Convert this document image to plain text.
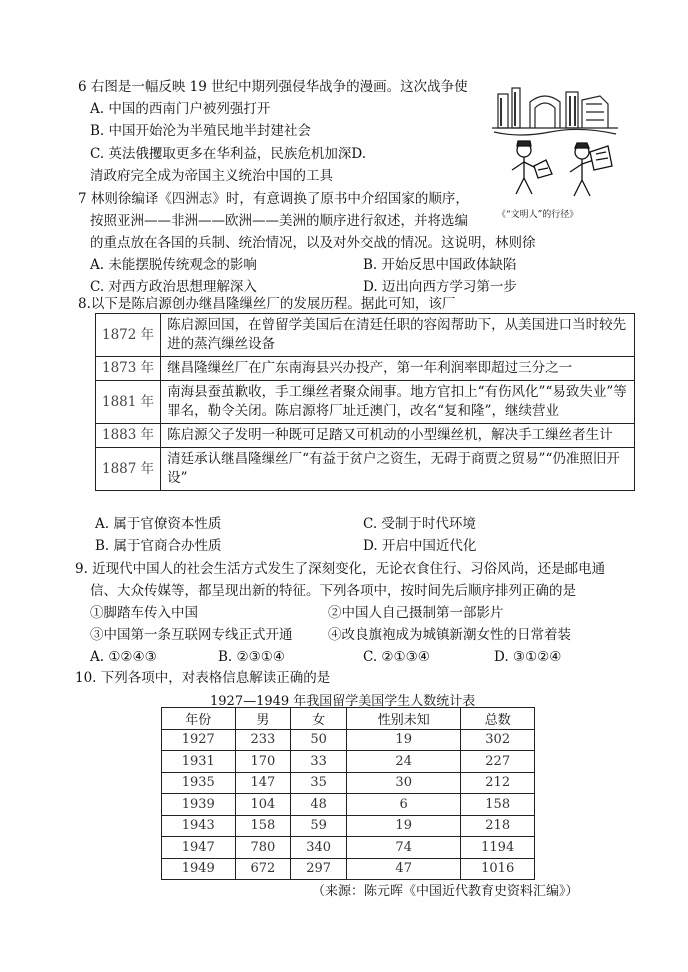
6 右图是一幅反映 19 世纪中期列强侵华战争的漫画。这次战争使
A. 中国的西南门户被列强打开
B. 中国开始沦为半殖民地半封建社会
C. 英法俄攫取更多在华利益，民族危机加深D.
清政府完全成为帝国主义统治中国的工具
《“文明人”的行径》
7 林则徐编译《四洲志》时，有意调换了原书中介绍国家的顺序，
按照亚洲——非洲——欧洲——美洲的顺序进行叙述，并将选编
的重点放在各国的兵制、统治情况，以及对外交战的情况。这说明，林则徐
A. 未能摆脱传统观念的影响	B. 开始反思中国政体缺陷
C. 对西方政治思想理解深入	D. 迈出向西方学习第一步
8.以下是陈启源创办继昌隆缫丝厂的发展历程。据此可知，该厂
1872 年	陈启源回国，在曾留学美国后在清廷任职的容闳帮助下，从美国进口当时较先进的蒸汽缫丝设备
1873 年	继昌隆缫丝厂在广东南海县兴办投产，第一年利润率即超过三分之一
1881 年	南海县蚕茧歉收，手工缫丝者聚众闹事。地方官扣上“有伤风化”“易致失业”等罪名，勒令关闭。陈启源将厂址迁澳门，改名“复和隆”，继续营业
1883 年	陈启源父子发明一种既可足踏又可机动的小型缫丝机，解决手工缫丝者生计
1887 年	清廷承认继昌隆缫丝厂“有益于贫户之资生，无碍于商贾之贸易”“仍准照旧开设”
A. 属于官僚资本性质	C. 受制于时代环境
B. 属于官商合办性质	D. 开启中国近代化
9. 近现代中国人的社会生活方式发生了深刻变化，无论衣食住行、习俗风尚，还是邮电通
信、大众传媒等，都呈现出新的特征。下列各项中，按时间先后顺序排列正确的是
①脚踏车传入中国	②中国人自己摄制第一部影片
③中国第一条互联网专线正式开通	④改良旗袍成为城镇新潮女性的日常着装
A. ①②④③	B. ②③①④	C. ②①③④	D. ③①②④
10. 下列各项中，对表格信息解读正确的是
1927—1949 年我国留学美国学生人数统计表
年份	男	女	性别未知	总数
1927	233	50	19	302
1931	170	33	24	227
1935	147	35	30	212
1939	104	48	6	158
1943	158	59	19	218
1947	780	340	74	1194
1949	672	297	47	1016
（来源：陈元晖《中国近代教育史资料汇编》）
